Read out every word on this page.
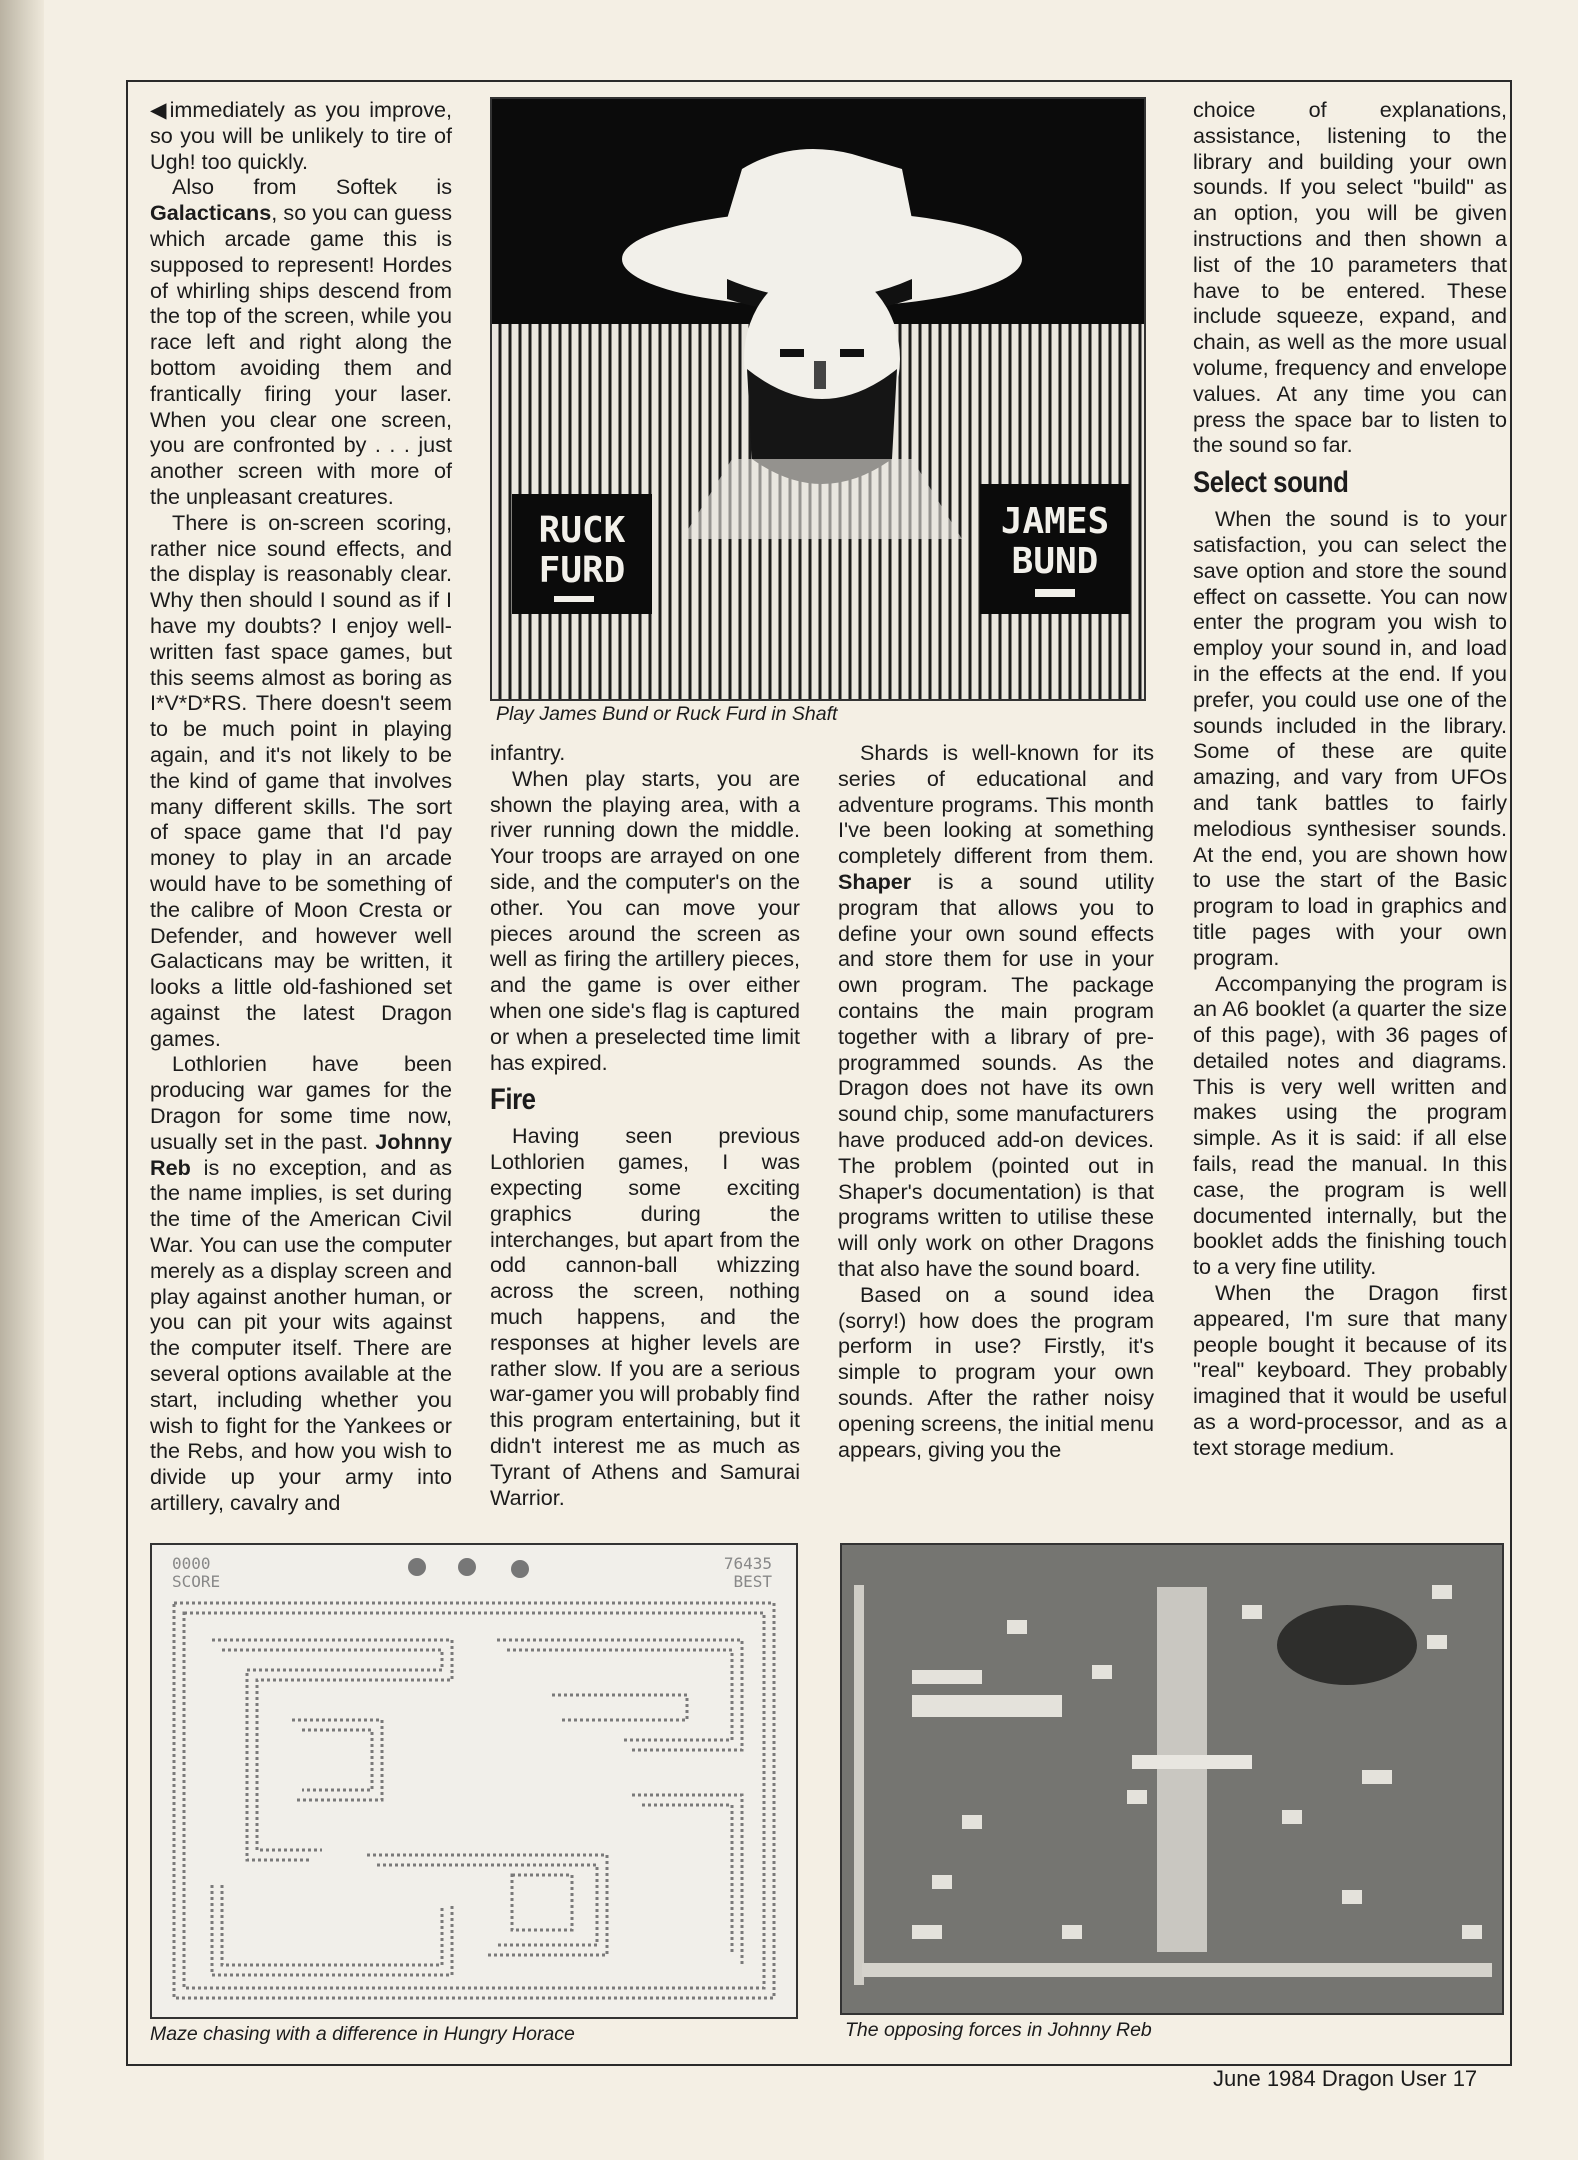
◀immediately as you improve, so you will be unlikely to tire of Ugh! too quickly.

Also from Softek is Galacticans, so you can guess which arcade game this is supposed to represent! Hordes of whirling ships descend from the top of the screen, while you race left and right along the bottom avoiding them and frantically firing your laser. When you clear one screen, you are confronted by . . . just another screen with more of the unpleasant creatures.

There is on-screen scoring, rather nice sound effects, and the display is reasonably clear. Why then should I sound as if I have my doubts? I enjoy well-written fast space games, but this seems almost as boring as I*V*D*RS. There doesn't seem to be much point in playing again, and it's not likely to be the kind of game that involves many different skills. The sort of space game that I'd pay money to play in an arcade would have to be something of the calibre of Moon Cresta or Defender, and however well Galacticans may be written, it looks a little old-fashioned set against the latest Dragon games.

Lothlorien have been producing war games for the Dragon for some time now, usually set in the past. Johnny Reb is no exception, and as the name implies, is set during the time of the American Civil War. You can use the computer merely as a display screen and play against another human, or you can pit your wits against the computer itself. There are several options available at the start, including whether you wish to fight for the Yankees or the Rebs, and how you wish to divide up your army into artillery, cavalry and

RUCK
FURD
JAMES
BUND
Play James Bund or Ruck Furd in Shaft

infantry.

When play starts, you are shown the playing area, with a river running down the middle. Your troops are arrayed on one side, and the computer's on the other. You can move your pieces around the screen as well as firing the artillery pieces, and the game is over either when one side's flag is captured or when a preselected time limit has expired.

Fire

Having seen previous Lothlorien games, I was expecting some exciting graphics during the interchanges, but apart from the odd cannon-ball whizzing across the screen, nothing much happens, and the responses at higher levels are rather slow. If you are a serious war-gamer you will probably find this program entertaining, but it didn't interest me as much as Tyrant of Athens and Samurai Warrior.

Shards is well-known for its series of educational and adventure programs. This month I've been looking at something completely different from them. Shaper is a sound utility program that allows you to define your own sound effects and store them for use in your own program. The package contains the main program together with a library of pre-programmed sounds. As the Dragon does not have its own sound chip, some manufacturers have produced add-on devices. The problem (pointed out in Shaper's documentation) is that programs written to utilise these will only work on other Dragons that also have the sound board.

Based on a sound idea (sorry!) how does the program perform in use? Firstly, it's simple to program your own sounds. After the rather noisy opening screens, the initial menu appears, giving you the

choice of explanations, assistance, listening to the library and building your own sounds. If you select "build" as an option, you will be given instructions and then shown a list of the 10 parameters that have to be entered. These include squeeze, expand, and chain, as well as the more usual volume, frequency and envelope values. At any time you can press the space bar to listen to the sound so far.

Select sound

When the sound is to your satisfaction, you can select the save option and store the sound effect on cassette. You can now enter the program you wish to employ your sound in, and load in the effects at the end. If you prefer, you could use one of the sounds included in the library. Some of these are quite amazing, and vary from UFOs and tank battles to fairly melodious synthesiser sounds. At the end, you are shown how to use the start of the Basic program to load in graphics and title pages with your own program.

Accompanying the program is an A6 booklet (a quarter the size of this page), with 36 pages of detailed notes and diagrams. This is very well written and makes using the program simple. As it is said: if all else fails, read the manual. In this case, the program is well documented internally, but the booklet adds the finishing touch to a very fine utility.

When the Dragon first appeared, I'm sure that many people bought it because of its "real" keyboard. They probably imagined that it would be useful as a word-processor, and as a text storage medium.

0000
SCORE
76435
BEST
Maze chasing with a difference in Hungry Horace	The opposing forces in Johnny Reb
June 1984 Dragon User 17
